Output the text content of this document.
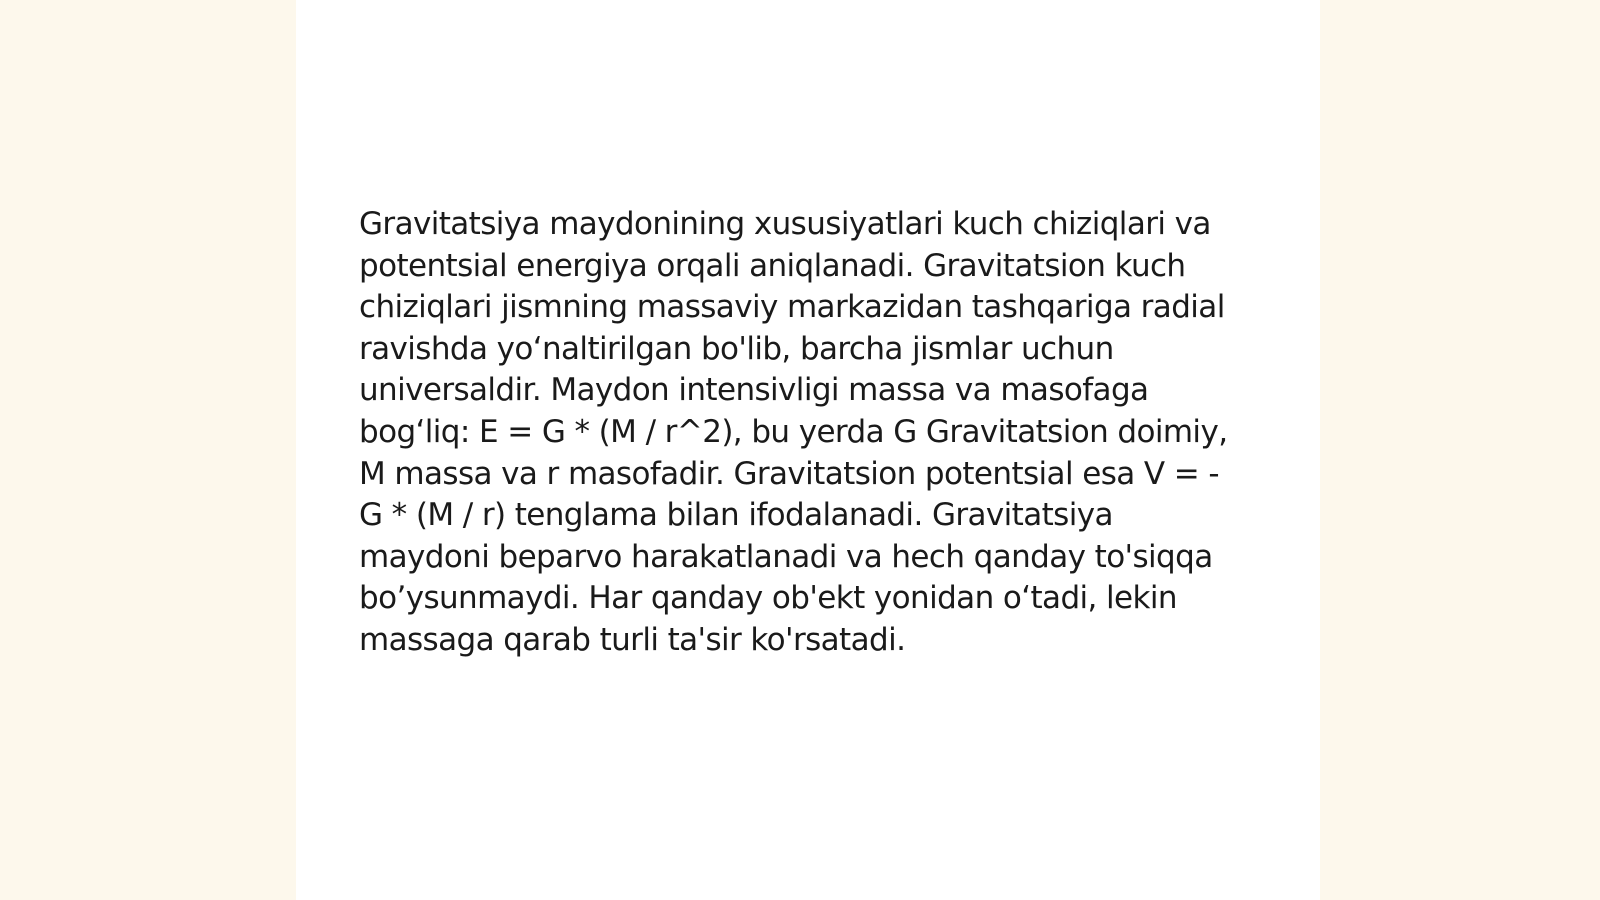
Gravitatsiya maydonining xususiyatlari kuch chiziqlari va potentsial energiya orqali aniqlanadi. Gravitatsion kuch chiziqlari jismning massaviy markazidan tashqariga radial ravishda yo‘naltirilgan bo'lib, barcha jismlar uchun universaldir. Maydon intensivligi massa va masofaga bog‘liq: E = G * (M / r^2), bu yerda G Gravitatsion doimiy, M massa va r masofadir. Gravitatsion potentsial esa V = -G * (M / r) tenglama bilan ifodalanadi. Gravitatsiya maydoni beparvo harakatlanadi va hech qanday to'siqqa bo’ysunmaydi. Har qanday ob'ekt yonidan o‘tadi, lekin massaga qarab turli ta'sir ko'rsatadi.
